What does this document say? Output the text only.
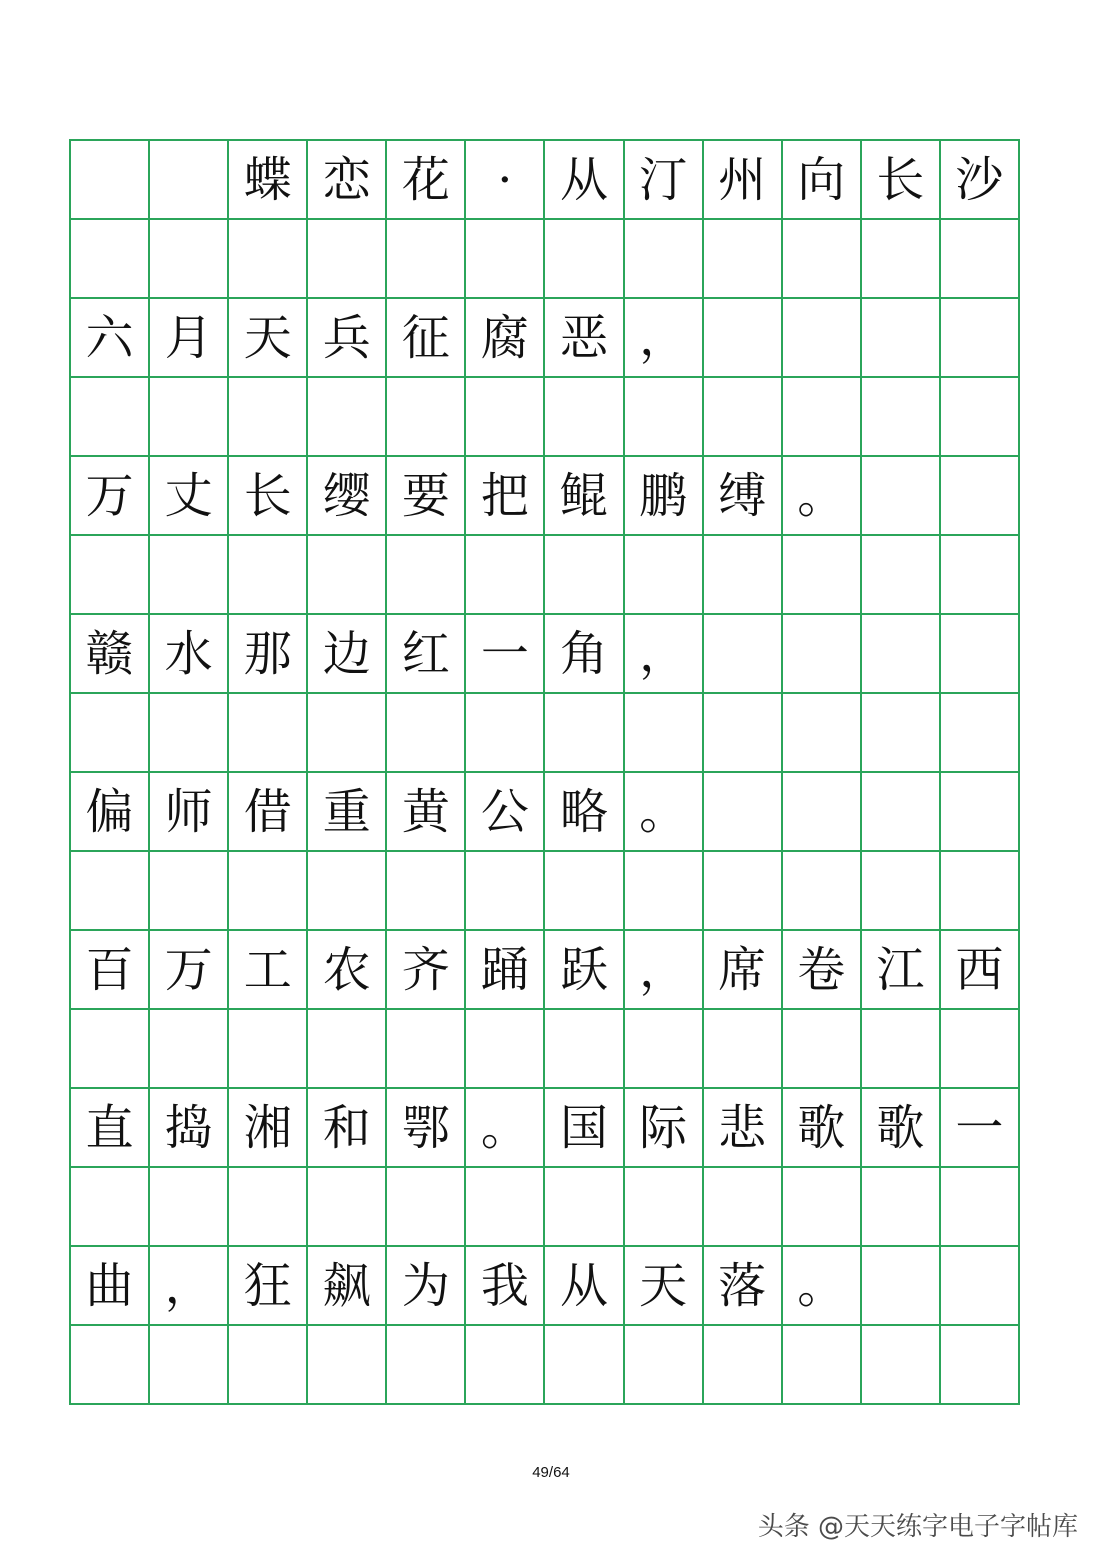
		蝶	恋	花	·	从	汀	州	向	长	沙

六	月	天	兵	征	腐	恶	，				

万	丈	长	缨	要	把	鲲	鹏	缚	。		

赣	水	那	边	红	一	角	，				

偏	师	借	重	黄	公	略	。				

百	万	工	农	齐	踊	跃	，	席	卷	江	西

直	捣	湘	和	鄂	。	国	际	悲	歌	歌	一

曲	，	狂	飙	为	我	从	天	落	。		

49/64
头条 @天天练字电子字帖库
